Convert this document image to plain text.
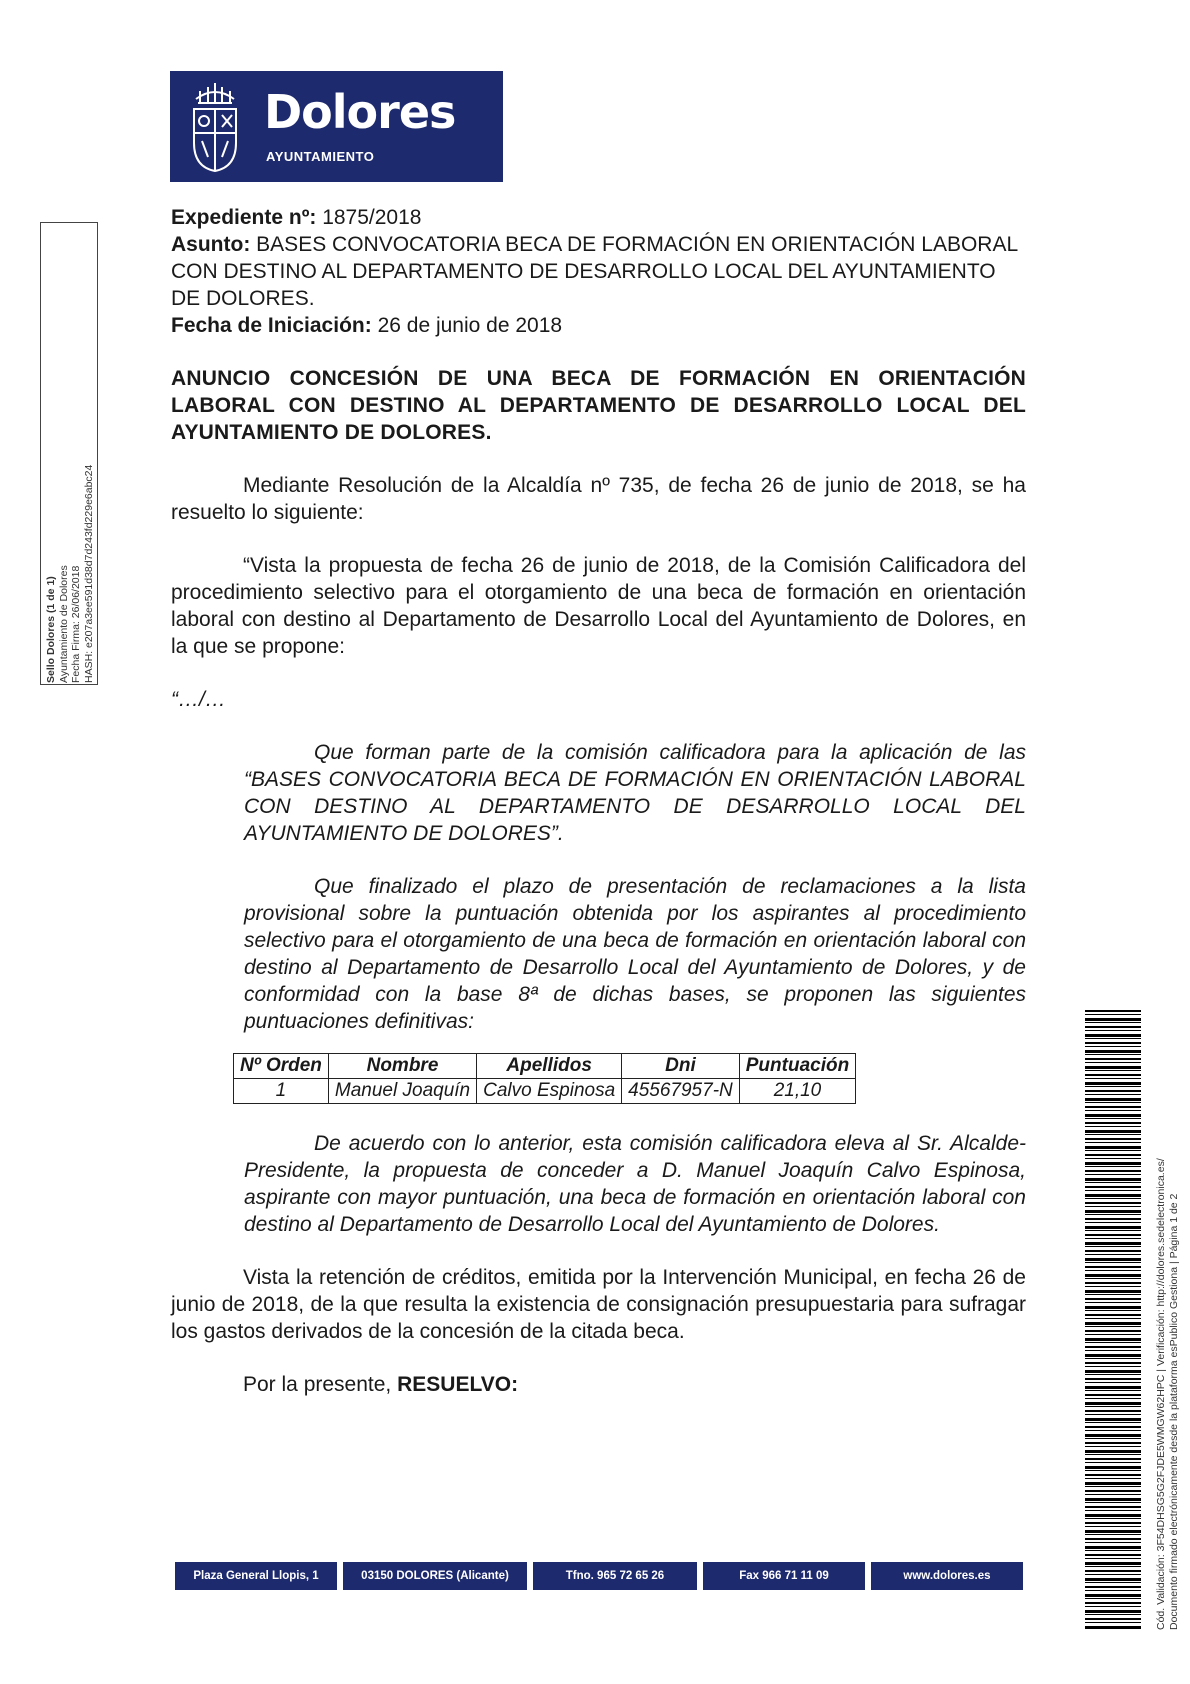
Dolores
AYUNTAMIENTO
Sello Dolores (1 de 1) Ayuntamiento de Dolores Fecha Firma: 26/06/2018 HASH: e207a3ee591d38d7d243fd229e6abc24

Expediente nº: 1875/2018

Asunto: BASES CONVOCATORIA BECA DE FORMACIÓN EN ORIENTACIÓN LABORAL CON DESTINO AL DEPARTAMENTO DE DESARROLLO LOCAL DEL AYUNTAMIENTO DE DOLORES.

Fecha de Iniciación: 26 de junio de 2018

ANUNCIO CONCESIÓN DE UNA BECA DE FORMACIÓN EN ORIENTACIÓN LABORAL CON DESTINO AL DEPARTAMENTO DE DESARROLLO LOCAL DEL AYUNTAMIENTO DE DOLORES.

Mediante Resolución de la Alcaldía nº 735, de fecha 26 de junio de 2018, se ha resuelto lo siguiente:

“Vista la propuesta de fecha 26 de junio de 2018, de la Comisión Calificadora del procedimiento selectivo para el otorgamiento de una beca de formación en orientación laboral con destino al Departamento de Desarrollo Local del Ayuntamiento de Dolores, en la que se propone:

“…/…

Que forman parte de la comisión calificadora para la aplicación de las “BASES CONVOCATORIA BECA DE FORMACIÓN EN ORIENTACIÓN LABORAL CON DESTINO AL DEPARTAMENTO DE DESARROLLO LOCAL DEL AYUNTAMIENTO DE DOLORES”.

Que finalizado el plazo de presentación de reclamaciones a la lista provisional sobre la puntuación obtenida por los aspirantes al procedimiento selectivo para el otorgamiento de una beca de formación en orientación laboral con destino al Departamento de Desarrollo Local del Ayuntamiento de Dolores, y de conformidad con la base 8ª de dichas bases, se proponen las siguientes puntuaciones definitivas:

Nº Orden	Nombre	Apellidos	Dni	Puntuación
1	Manuel Joaquín	Calvo Espinosa	45567957-N	21,10

De acuerdo con lo anterior, esta comisión calificadora eleva al Sr. Alcalde-Presidente, la propuesta de conceder a D. Manuel Joaquín Calvo Espinosa, aspirante con mayor puntuación, una beca de formación en orientación laboral con destino al Departamento de Desarrollo Local del Ayuntamiento de Dolores.

Vista la retención de créditos, emitida por la Intervención Municipal, en fecha 26 de junio de 2018, de la que resulta la existencia de consignación presupuestaria para sufragar los gastos derivados de la concesión de la citada beca.

Por la presente, RESUELVO:	Cód. Validación: 3F54DHSG5G2FJDE5WMGW62HPC | Verificación: http://dolores.sedelectronica.es/ Documento firmado electrónicamente desde la plataforma esPublico Gestiona | Página 1 de 2
Plaza General Llopis, 1	03150 DOLORES (Alicante)	Tfno. 965 72 65 26	Fax 966 71 11 09	www.dolores.es
